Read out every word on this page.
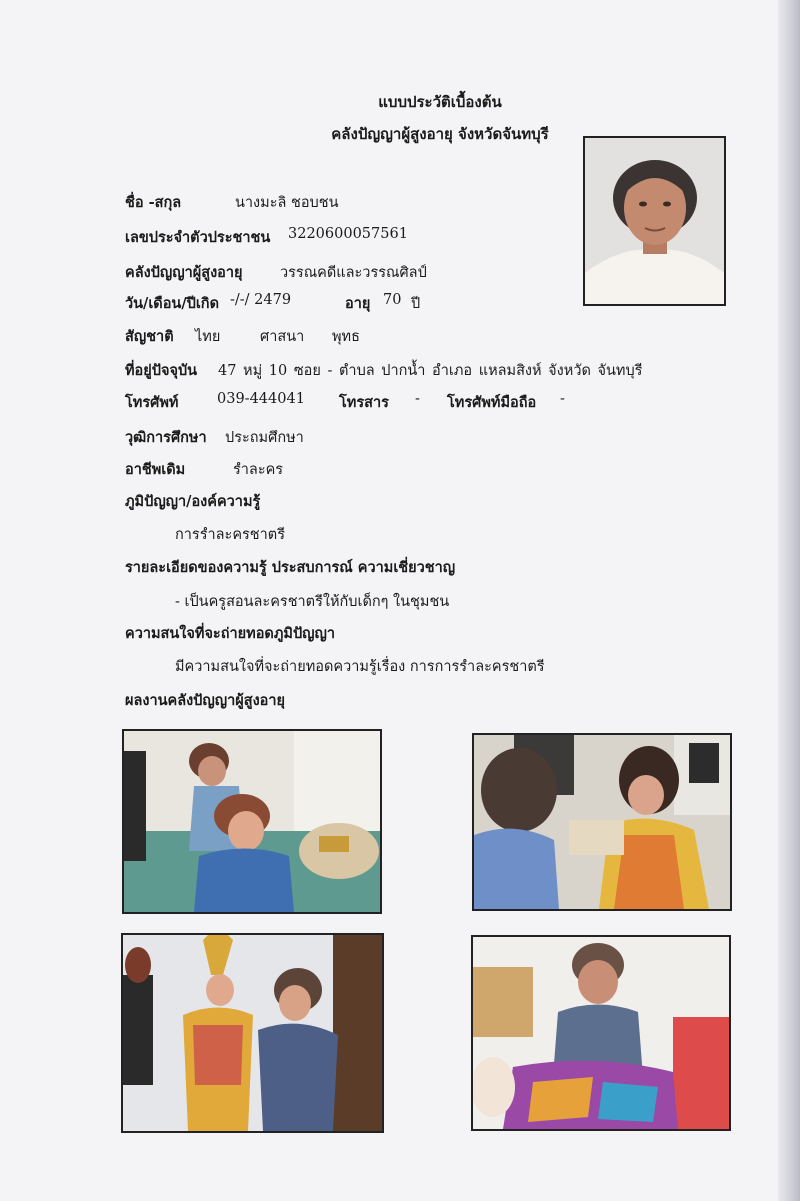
แบบประวัติเบื้องต้น
คลังปัญญาผู้สูงอายุ จังหวัดจันทบุรี
ชื่อ -สกุล	นางมะลิ ชอบชน
เลขประจำตัวประชาชน 3220600057561
คลังปัญญาผู้สูงอายุ	วรรณคดีและวรรณศิลป์
วัน/เดือน/ปีเกิด -/-/ 2479	อายุ 70 ปี
สัญชาติ ไทย	ศาสนา พุทธ
ที่อยู่ปัจจุบัน 47 หมู่ 10 ซอย - ตำบล ปากน้ำ อำเภอ แหลมสิงห์ จังหวัด จันทบุรี
โทรศัพท์	039-444041 โทรสาร - โทรศัพท์มือถือ -
วุฒิการศึกษา ประถมศึกษา
อาชีพเดิม	รำละคร
ภูมิปัญญา/องค์ความรู้
การรำละครชาตรี
รายละเอียดของความรู้ ประสบการณ์ ความเชี่ยวชาญ
- เป็นครูสอนละครชาตรีให้กับเด็กๆ ในชุมชน
ความสนใจที่จะถ่ายทอดภูมิปัญญา
มีความสนใจที่จะถ่ายทอดความรู้เรื่อง การการรำละครชาตรี
ผลงานคลังปัญญาผู้สูงอายุ
